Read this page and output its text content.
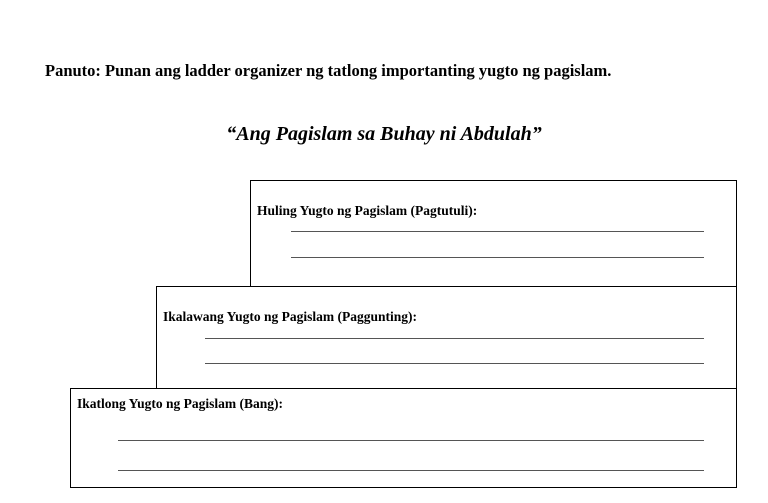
Panuto: Punan ang ladder organizer ng tatlong importanting yugto ng pagislam.
“Ang Pagislam sa Buhay ni Abdulah”
Huling Yugto ng Pagislam (Pagtutuli):
Ikalawang Yugto ng Pagislam (Paggunting):
Ikatlong Yugto ng Pagislam (Bang):
